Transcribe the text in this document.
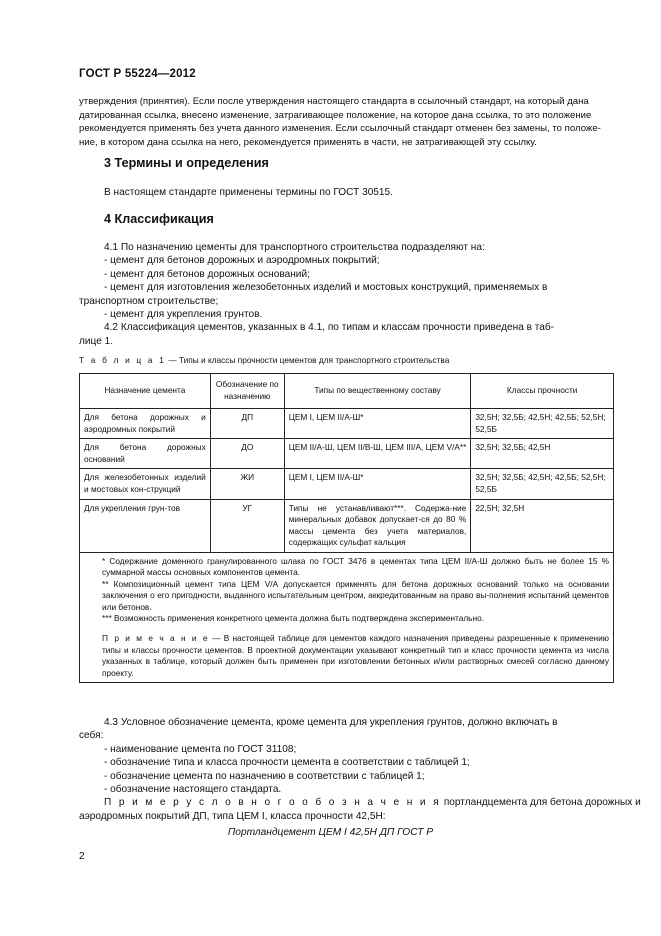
ГОСТ Р 55224—2012
утверждения (принятия). Если после утверждения настоящего стандарта в ссылочный стандарт, на который дана
датированная ссылка, внесено изменение, затрагивающее положение, на которое дана ссылка, то это положение
рекомендуется применять без учета данного изменения. Если ссылочный стандарт отменен без замены, то положе-
ние, в котором дана ссылка на него, рекомендуется применять в части, не затрагивающей эту ссылку.
3 Термины и определения
В настоящем стандарте применены термины по ГОСТ 30515.
4 Классификация
4.1 По назначению цементы для транспортного строительства подразделяют на:
- цемент для бетонов дорожных и аэродромных покрытий;
- цемент для бетонов дорожных оснований;
- цемент для изготовления железобетонных изделий и мостовых конструкций, применяемых в
транспортном строительстве;
- цемент для укрепления грунтов.
4.2 Классификация цементов, указанных в 4.1, по типам и классам прочности приведена в таб-
лице 1.
Т а б л и ц а 1 — Типы и классы прочности цементов для транспортного строительства
Назначение цемента	Обозначение по назначению	Типы по вещественному составу	Классы прочности
Для бетона дорожных и аэродромных покрытий	ДП	ЦЕМ I, ЦЕМ II/А-Ш*	32,5Н; 32,5Б; 42,5Н; 42,5Б; 52,5Н; 52,5Б
Для бетона дорожных оснований	ДО	ЦЕМ II/А-Ш, ЦЕМ II/В-Ш, ЦЕМ III/А, ЦЕМ V/А**	32,5Н; 32,5Б; 42,5Н
Для железобетонных изделий и мостовых кон-струкций	ЖИ	ЦЕМ I, ЦЕМ II/А-Ш*	32,5Н; 32,5Б; 42,5Н; 42,5Б; 52,5Н; 52,5Б
Для укрепления грун-тов	УГ	Типы не устанавливают***. Содержа-ние минеральных добавок допускает-ся до 80 % массы цемента без учета материалов, содержащих сульфат кальция	22,5Н; 32,5Н

* Содержание доменного гранулированного шлака по ГОСТ 3476 в цементах типа ЦЕМ II/А-Ш должно быть не более 15 % суммарной массы основных компонентов цемента.
** Композиционный цемент типа ЦЕМ V/А допускается применять для бетона дорожных оснований только на основании заключения о его пригодности, выданного испытательным центром, аккредитованным на право вы-полнения испытаний цементов или бетонов.
*** Возможность применения конкретного цемента должна быть подтверждена экспериментально.
П р и м е ч а н и е — В настоящей таблице для цементов каждого назначения приведены разрешенные к применению типы и классы прочности цементов. В проектной документации указывают конкретный тип и класс прочности цемента из числа указанных в таблице, который должен быть применен при изготовлении бетонных и/или растворных смесей согласно данному проекту.			
4.3 Условное обозначение цемента, кроме цемента для укрепления грунтов, должно включать в
себя:
- наименование цемента по ГОСТ 31108;
- обозначение типа и класса прочности цемента в соответствии с таблицей 1;
- обозначение цемента по назначению в соответствии с таблицей 1;
- обозначение настоящего стандарта.
П р и м е р у с л о в н о г о о б о з н а ч е н и я портландцемента для бетона дорожных и
аэродромных покрытий ДП, типа ЦЕМ I, класса прочности 42,5Н:
Портландцемент ЦЕМ I 42,5Н ДП ГОСТ Р
2
